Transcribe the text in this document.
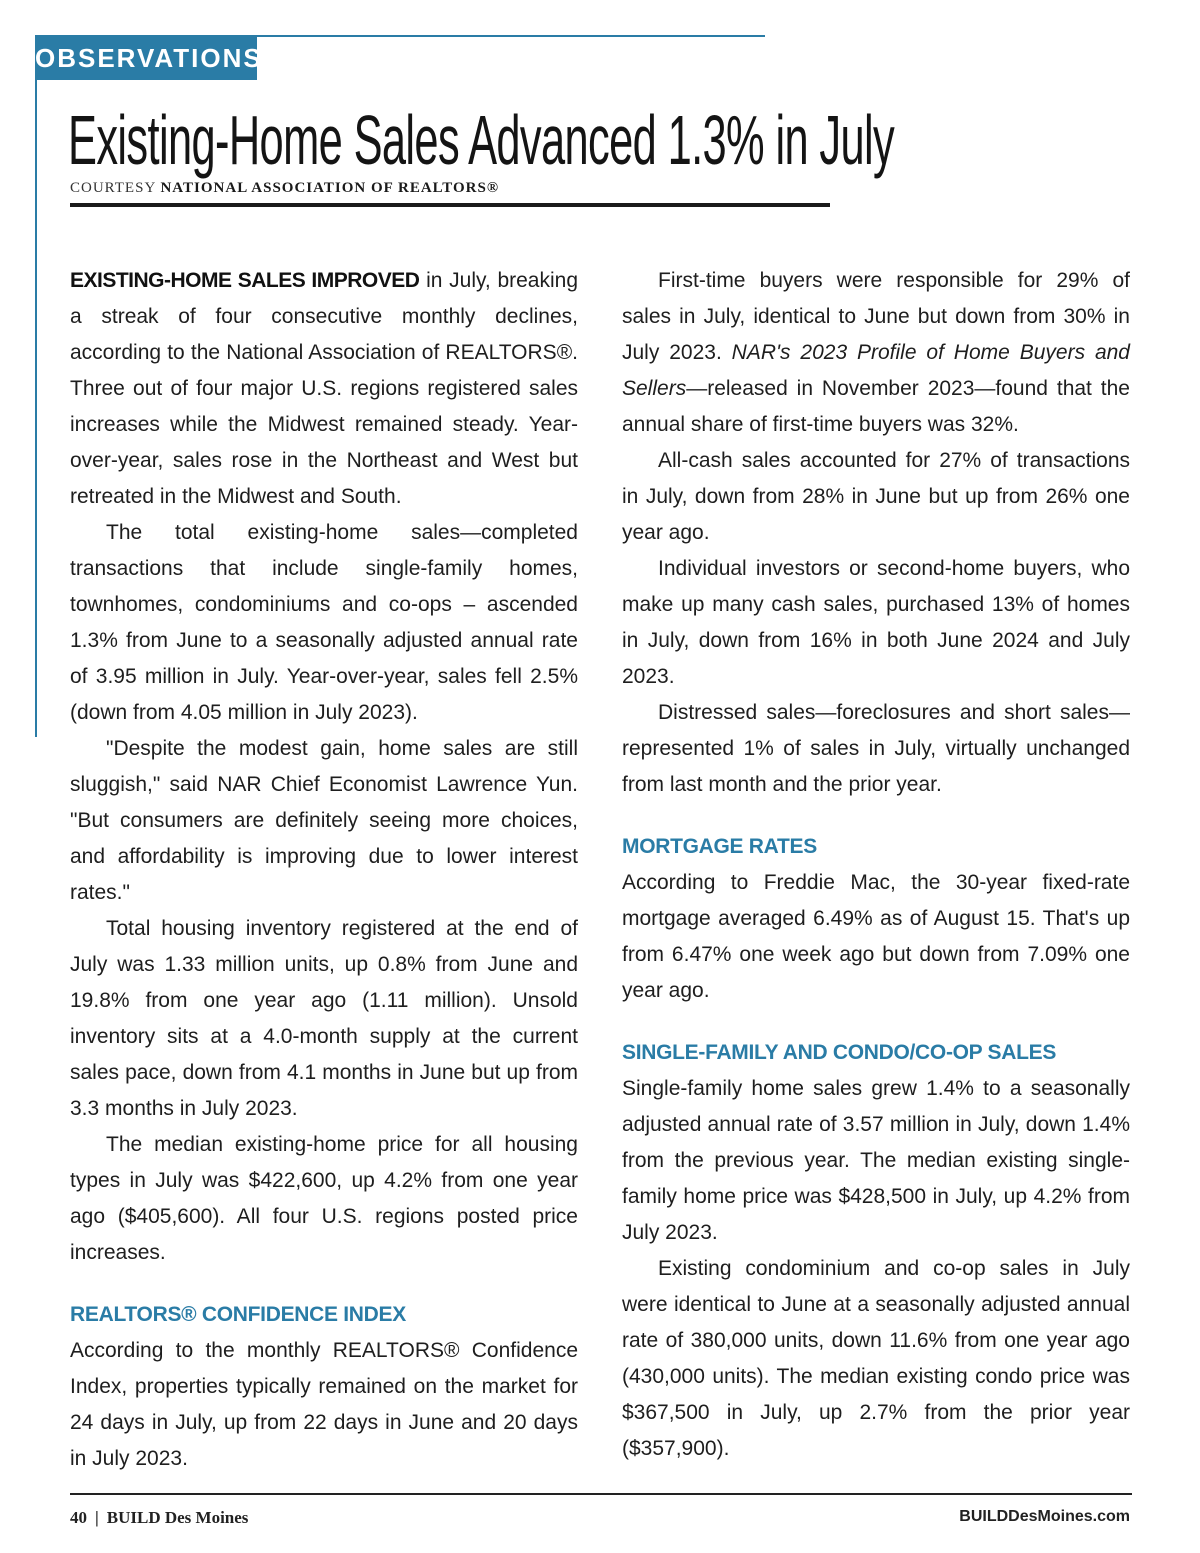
OBSERVATIONS
Existing-Home Sales Advanced 1.3% in July
COURTESY NATIONAL ASSOCIATION OF REALTORS®

EXISTING-HOME SALES IMPROVED in July, breaking a streak of four consecutive monthly declines, according to the National Association of REALTORS®. Three out of four major U.S. regions registered sales increases while the Midwest remained steady. Year-over-year, sales rose in the Northeast and West but retreated in the Midwest and South.

The total existing-home sales—completed transactions that include single-family homes, townhomes, condominiums and co-ops – ascended 1.3% from June to a seasonally adjusted annual rate of 3.95 million in July. Year-over-year, sales fell 2.5% (down from 4.05 million in July 2023).

"Despite the modest gain, home sales are still sluggish," said NAR Chief Economist Lawrence Yun. "But consumers are definitely seeing more choices, and affordability is improving due to lower interest rates."

Total housing inventory registered at the end of July was 1.33 million units, up 0.8% from June and 19.8% from one year ago (1.11 million). Unsold inventory sits at a 4.0-month supply at the current sales pace, down from 4.1 months in June but up from 3.3 months in July 2023.

The median existing-home price for all housing types in July was $422,600, up 4.2% from one year ago ($405,600). All four U.S. regions posted price increases.

REALTORS® CONFIDENCE INDEX

According to the monthly REALTORS® Confidence Index, properties typically remained on the market for 24 days in July, up from 22 days in June and 20 days in July 2023.

First-time buyers were responsible for 29% of sales in July, identical to June but down from 30% in July 2023. NAR's 2023 Profile of Home Buyers and Sellers—released in November 2023—found that the annual share of first-time buyers was 32%.

All-cash sales accounted for 27% of transactions in July, down from 28% in June but up from 26% one year ago.

Individual investors or second-home buyers, who make up many cash sales, purchased 13% of homes in July, down from 16% in both June 2024 and July 2023.

Distressed sales—foreclosures and short sales—represented 1% of sales in July, virtually unchanged from last month and the prior year.

MORTGAGE RATES

According to Freddie Mac, the 30-year fixed-rate mortgage averaged 6.49% as of August 15. That's up from 6.47% one week ago but down from 7.09% one year ago.

SINGLE-FAMILY AND CONDO/CO-OP SALES

Single-family home sales grew 1.4% to a seasonally adjusted annual rate of 3.57 million in July, down 1.4% from the previous year. The median existing single-family home price was $428,500 in July, up 4.2% from July 2023.

Existing condominium and co-op sales in July were identical to June at a seasonally adjusted annual rate of 380,000 units, down 11.6% from one year ago (430,000 units). The median existing condo price was $367,500 in July, up 2.7% from the prior year ($357,900).

40 | BUILD Des Moines	BUILDDesMoines.com
